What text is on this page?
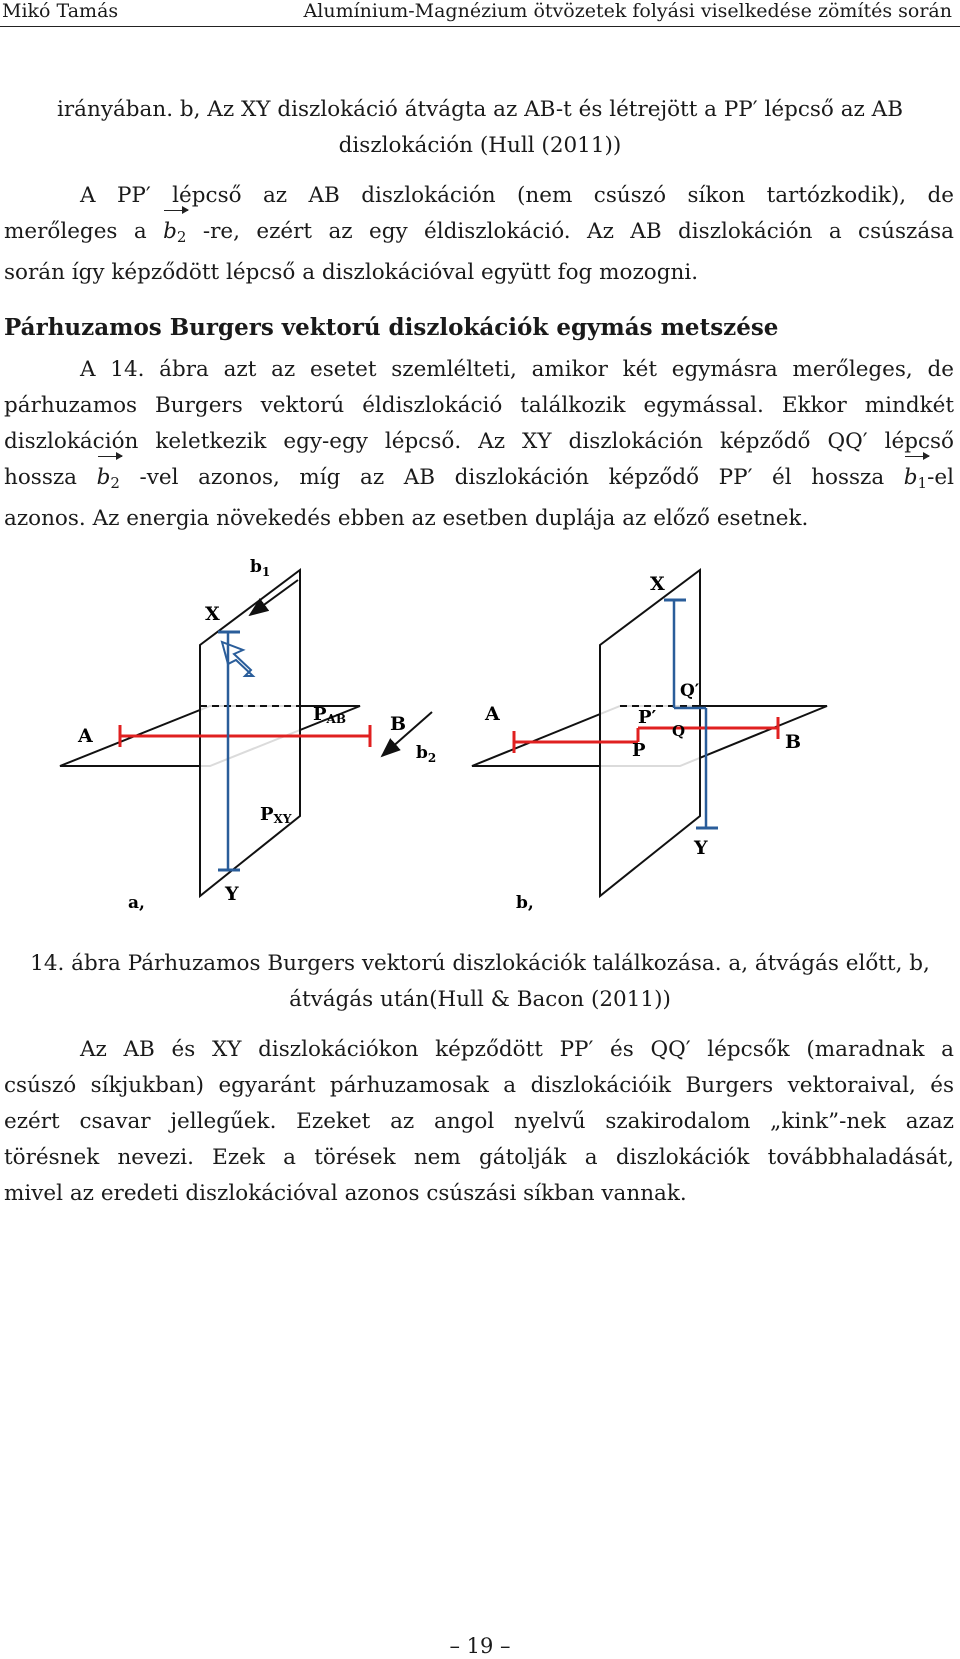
Mikó Tamás	Alumínium-Magnézium ötvözetek folyási viselkedése zömítés során
irányában. b, Az XY diszlokáció átvágta az AB-t és létrejött a PP′ lépcső az AB
diszlokáción (Hull (2011))
A PP′ lépcső az AB diszlokáción (nem csúszó síkon tartózkodik), de
merőleges a $b_2$ -re, ezért az egy éldiszlokáció. Az AB diszlokáción a csúszása
során így képződött lépcső a diszlokációval együtt fog mozogni.
Párhuzamos Burgers vektorú diszlokációk egymás metszése
A 14. ábra azt az esetet szemlélteti, amikor két egymásra merőleges, de
párhuzamos Burgers vektorú éldiszlokáció találkozik egymással. Ekkor mindkét
diszlokáción keletkezik egy-egy lépcső. Az XY diszlokáción képződő QQ′ lépcső
hossza $b_2$ -vel azonos, míg az AB diszlokáción képződő PP′ él hossza $b_1-el$
azonos. Az energia növekedés ebben az esetben duplája az előző esetnek.
$b_1$
X
A
B
PAB
$b_2$
PXY
Y
a,
X
Q′
A	P′
Q
P	B
Y
b,
14. ábra Párhuzamos Burgers vektorú diszlokációk találkozása. a, átvágás előtt, b,
átvágás után(Hull & Bacon (2011))
Az AB és XY diszlokációkon képződött PP′ és QQ′ lépcsők (maradnak a
csúszó síkjukban) egyaránt párhuzamosak a diszlokációik Burgers vektoraival, és
ezért csavar jellegűek. Ezeket az angol nyelvű szakirodalom „kink”-nek azaz
törésnek nevezi. Ezek a törések nem gátolják a diszlokációk továbbhaladását,
mivel az eredeti diszlokációval azonos csúszási síkban vannak.
– 19 –
